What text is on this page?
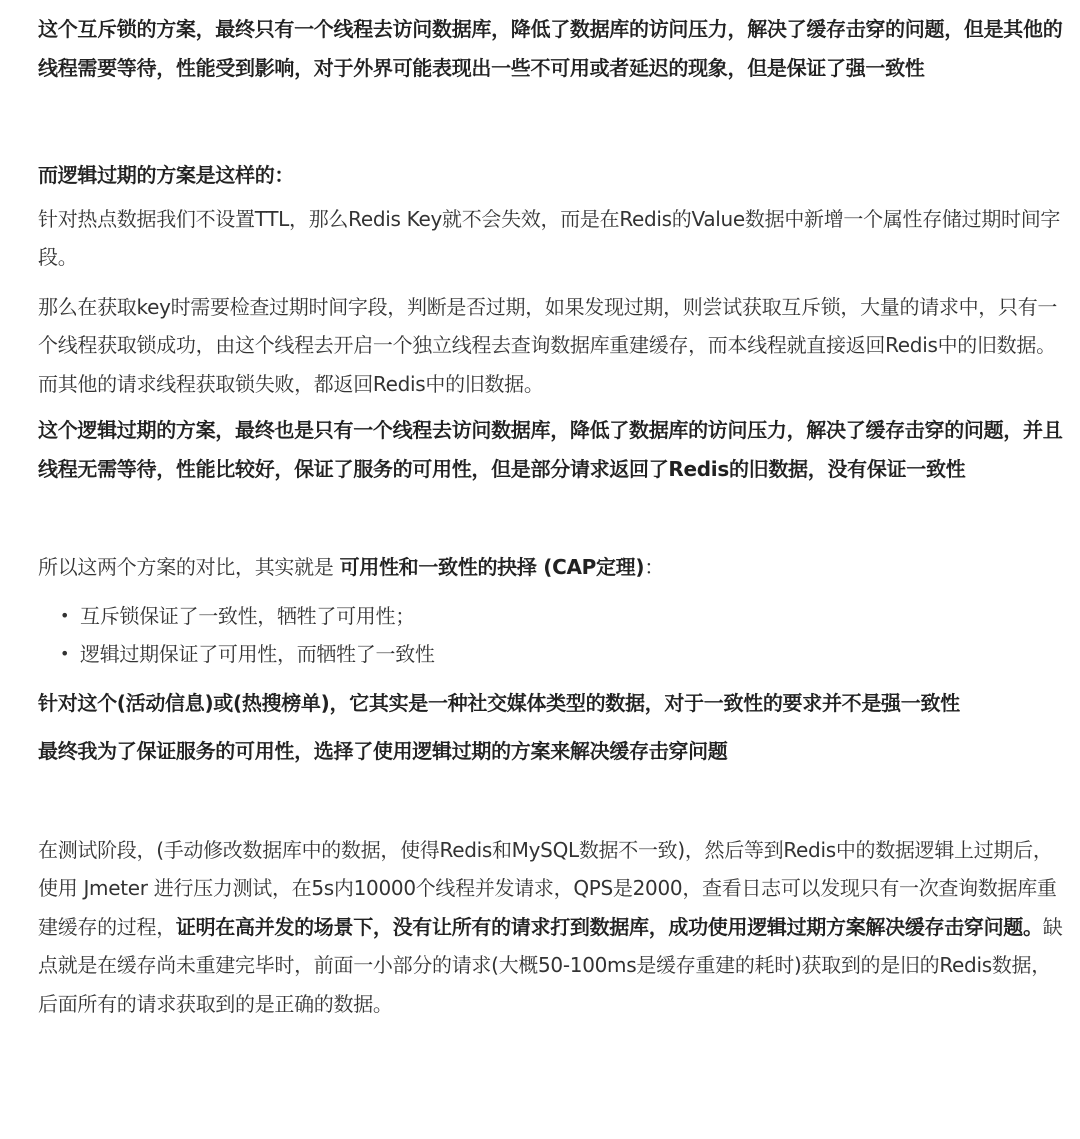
这个互斥锁的方案，最终只有一个线程去访问数据库，降低了数据库的访问压力，解决了缓存击穿的问题，但是其他的线程需要等待，性能受到影响，对于外界可能表现出一些不可用或者延迟的现象，但是保证了强一致性

而逻辑过期的方案是这样的：

针对热点数据我们不设置TTL，那么Redis Key就不会失效，而是在Redis的Value数据中新增一个属性存储过期时间字段。

那么在获取key时需要检查过期时间字段，判断是否过期，如果发现过期，则尝试获取互斥锁，大量的请求中，只有一个线程获取锁成功，由这个线程去开启一个独立线程去查询数据库重建缓存，而本线程就直接返回Redis中的旧数据。而其他的请求线程获取锁失败，都返回Redis中的旧数据。

这个逻辑过期的方案，最终也是只有一个线程去访问数据库，降低了数据库的访问压力，解决了缓存击穿的问题，并且线程无需等待，性能比较好，保证了服务的可用性，但是部分请求返回了Redis的旧数据，没有保证一致性

所以这两个方案的对比，其实就是 可用性和一致性的抉择 (CAP定理)：

• 互斥锁保证了一致性，牺牲了可用性；
• 逻辑过期保证了可用性，而牺牲了一致性

针对这个(活动信息)或(热搜榜单)，它其实是一种社交媒体类型的数据，对于一致性的要求并不是强一致性

最终我为了保证服务的可用性，选择了使用逻辑过期的方案来解决缓存击穿问题

在测试阶段，(手动修改数据库中的数据，使得Redis和MySQL数据不一致)，然后等到Redis中的数据逻辑上过期后，使用 Jmeter 进行压力测试，在5s内10000个线程并发请求，QPS是2000，查看日志可以发现只有一次查询数据库重建缓存的过程，证明在高并发的场景下，没有让所有的请求打到数据库，成功使用逻辑过期方案解决缓存击穿问题。缺点就是在缓存尚未重建完毕时，前面一小部分的请求(大概50-100ms是缓存重建的耗时)获取到的是旧的Redis数据，后面所有的请求获取到的是正确的数据。
